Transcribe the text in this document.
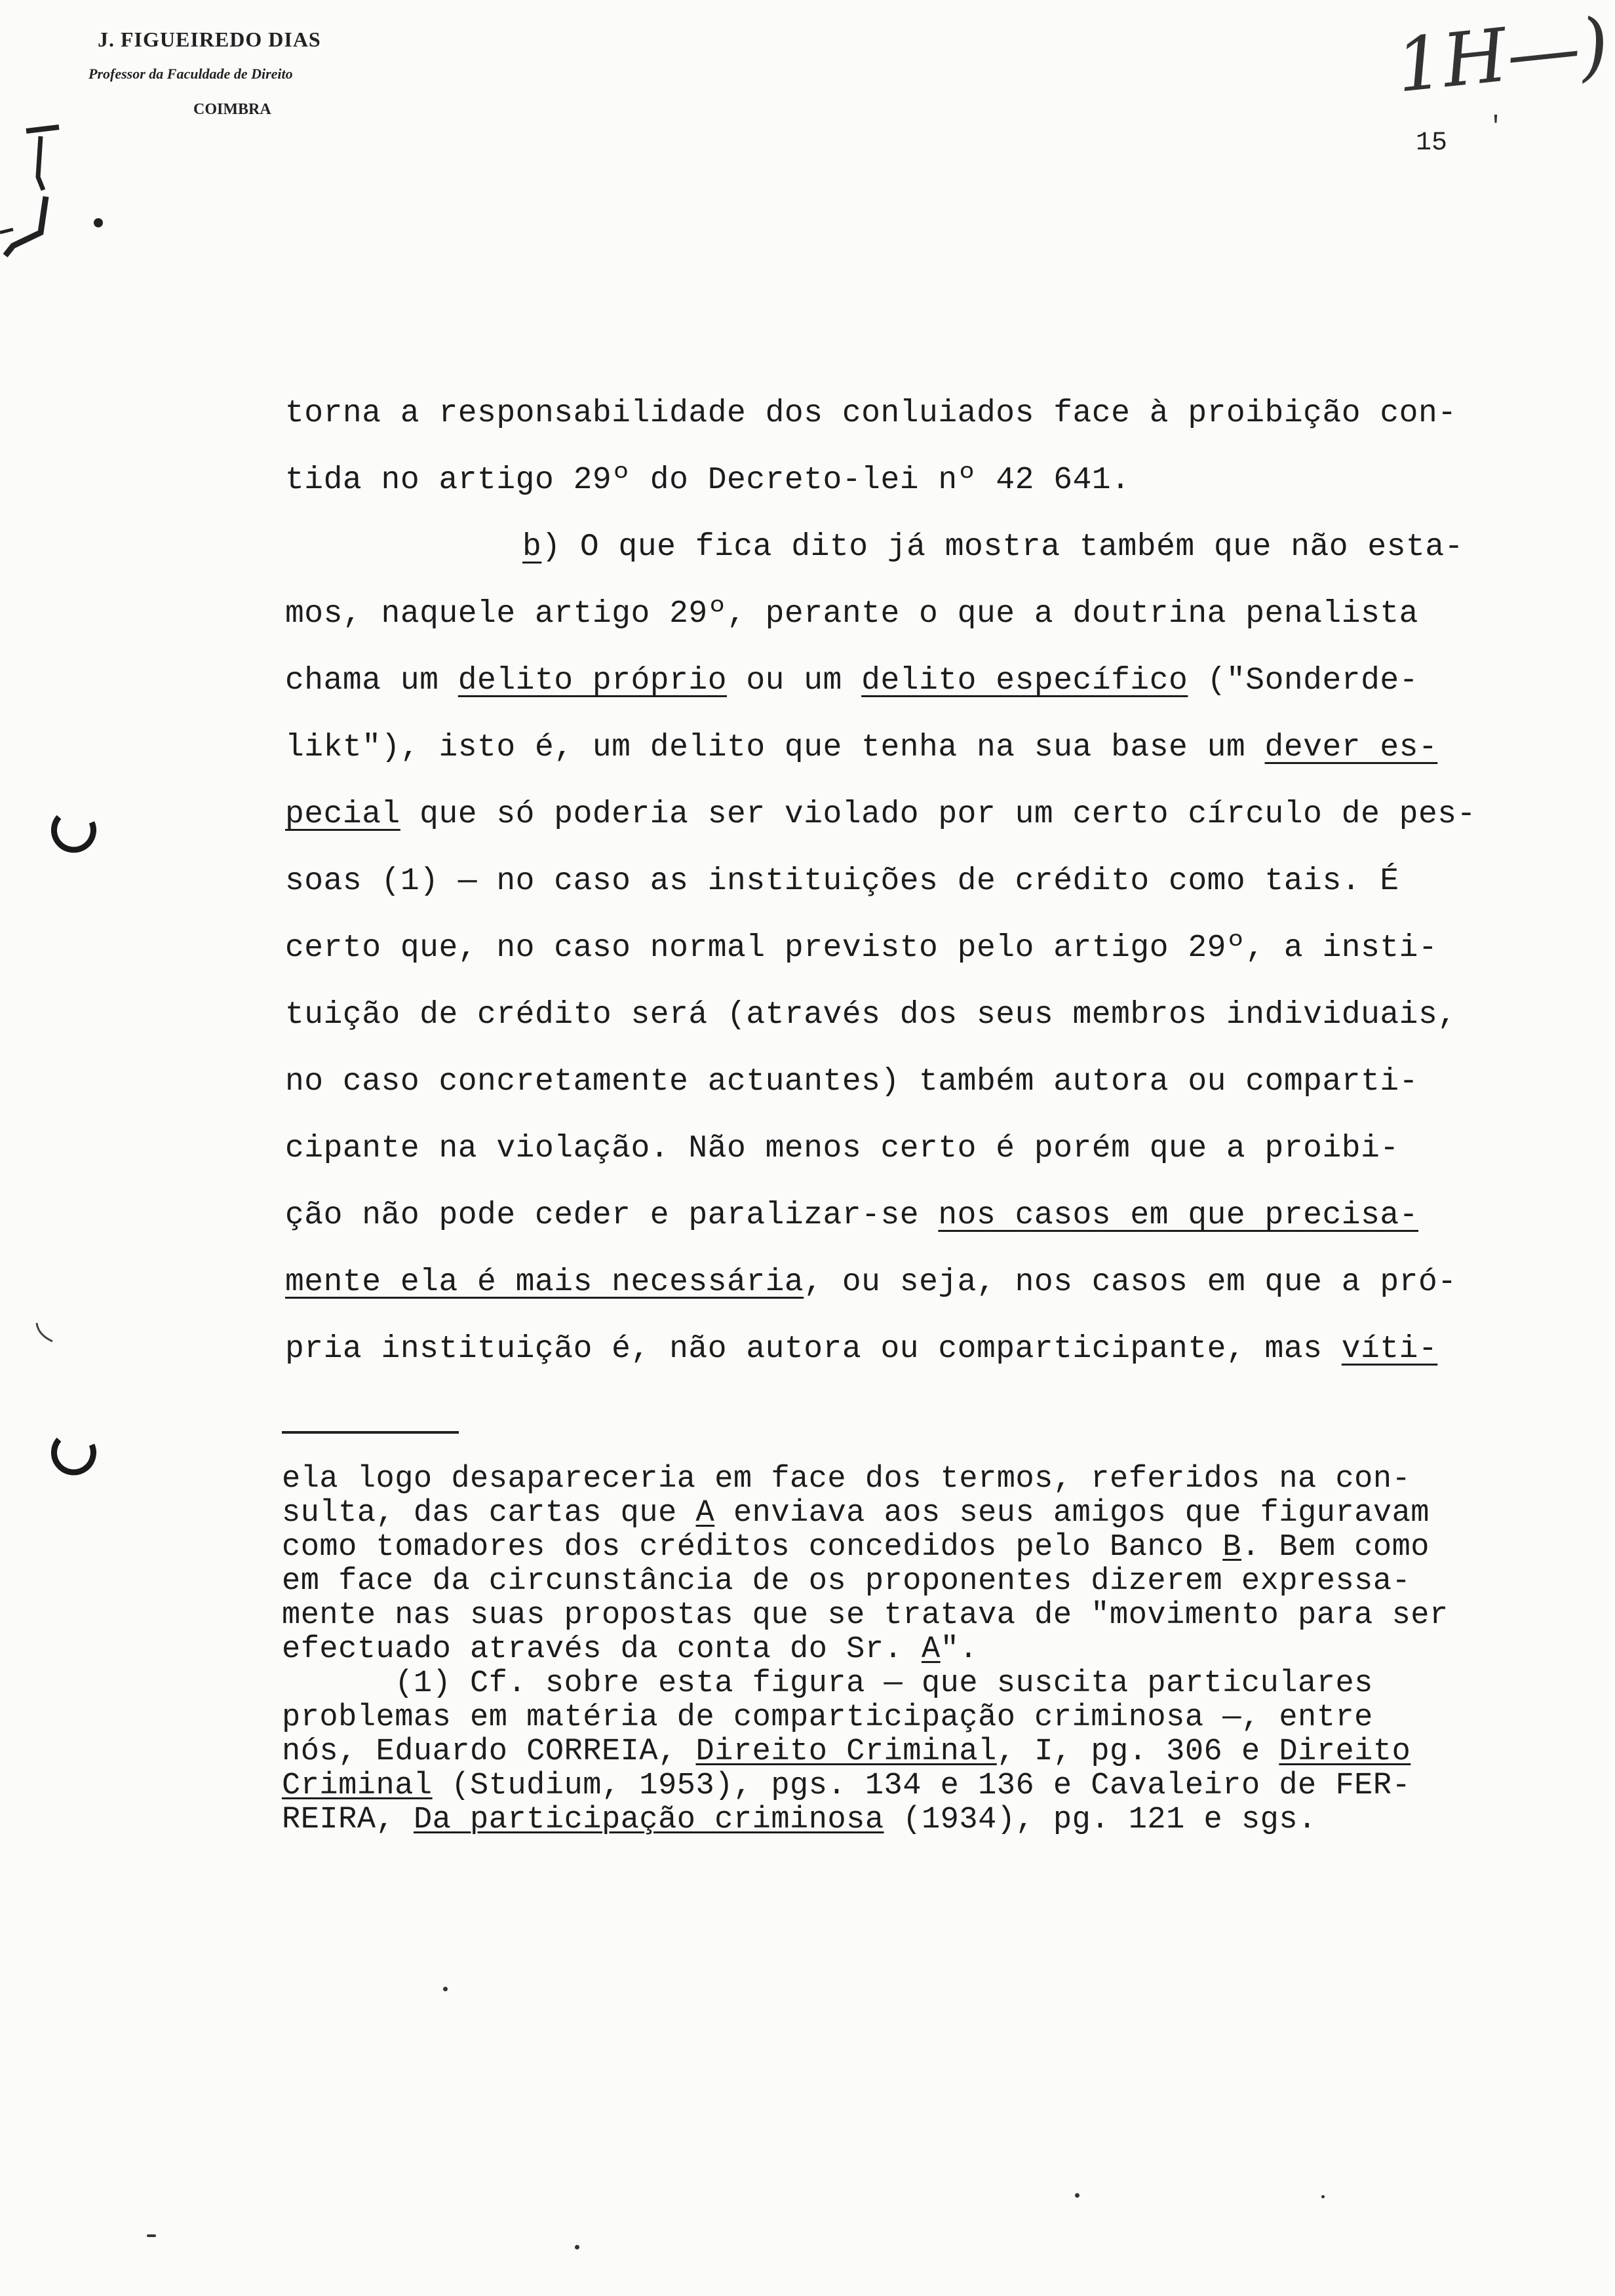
J. FIGUEIREDO DIAS
Professor da Faculdade de Direito
COIMBRA
1H—)
15
'
torna a responsabilidade dos conluiados face à proibição con-
tida no artigo 29º do Decreto-lei nº 42 641.
b) O que fica dito já mostra também que não esta-
mos, naquele artigo 29º, perante o que a doutrina penalista
chama um delito próprio ou um delito específico ("Sonderde-
likt"), isto é, um delito que tenha na sua base um dever es-
pecial que só poderia ser violado por um certo círculo de pes-
soas (1) — no caso as instituições de crédito como tais. É
certo que, no caso normal previsto pelo artigo 29º, a insti-
tuição de crédito será (através dos seus membros individuais,
no caso concretamente actuantes) também autora ou comparti-
cipante na violação. Não menos certo é porém que a proibi-
ção não pode ceder e paralizar-se nos casos em que precisa-
mente ela é mais necessária, ou seja, nos casos em que a pró-
pria instituição é, não autora ou comparticipante, mas víti-
ela logo desapareceria em face dos termos, referidos na con-
sulta, das cartas que A enviava aos seus amigos que figuravam
como tomadores dos créditos concedidos pelo Banco B. Bem como
em face da circunstância de os proponentes dizerem expressa-
mente nas suas propostas que se tratava de "movimento para ser
efectuado através da conta do Sr. A".
(1) Cf. sobre esta figura — que suscita particulares
problemas em matéria de comparticipação criminosa —, entre
nós, Eduardo CORREIA, Direito Criminal, I, pg. 306 e Direito
Criminal (Studium, 1953), pgs. 134 e 136 e Cavaleiro de FER-
REIRA, Da participação criminosa (1934), pg. 121 e sgs.
